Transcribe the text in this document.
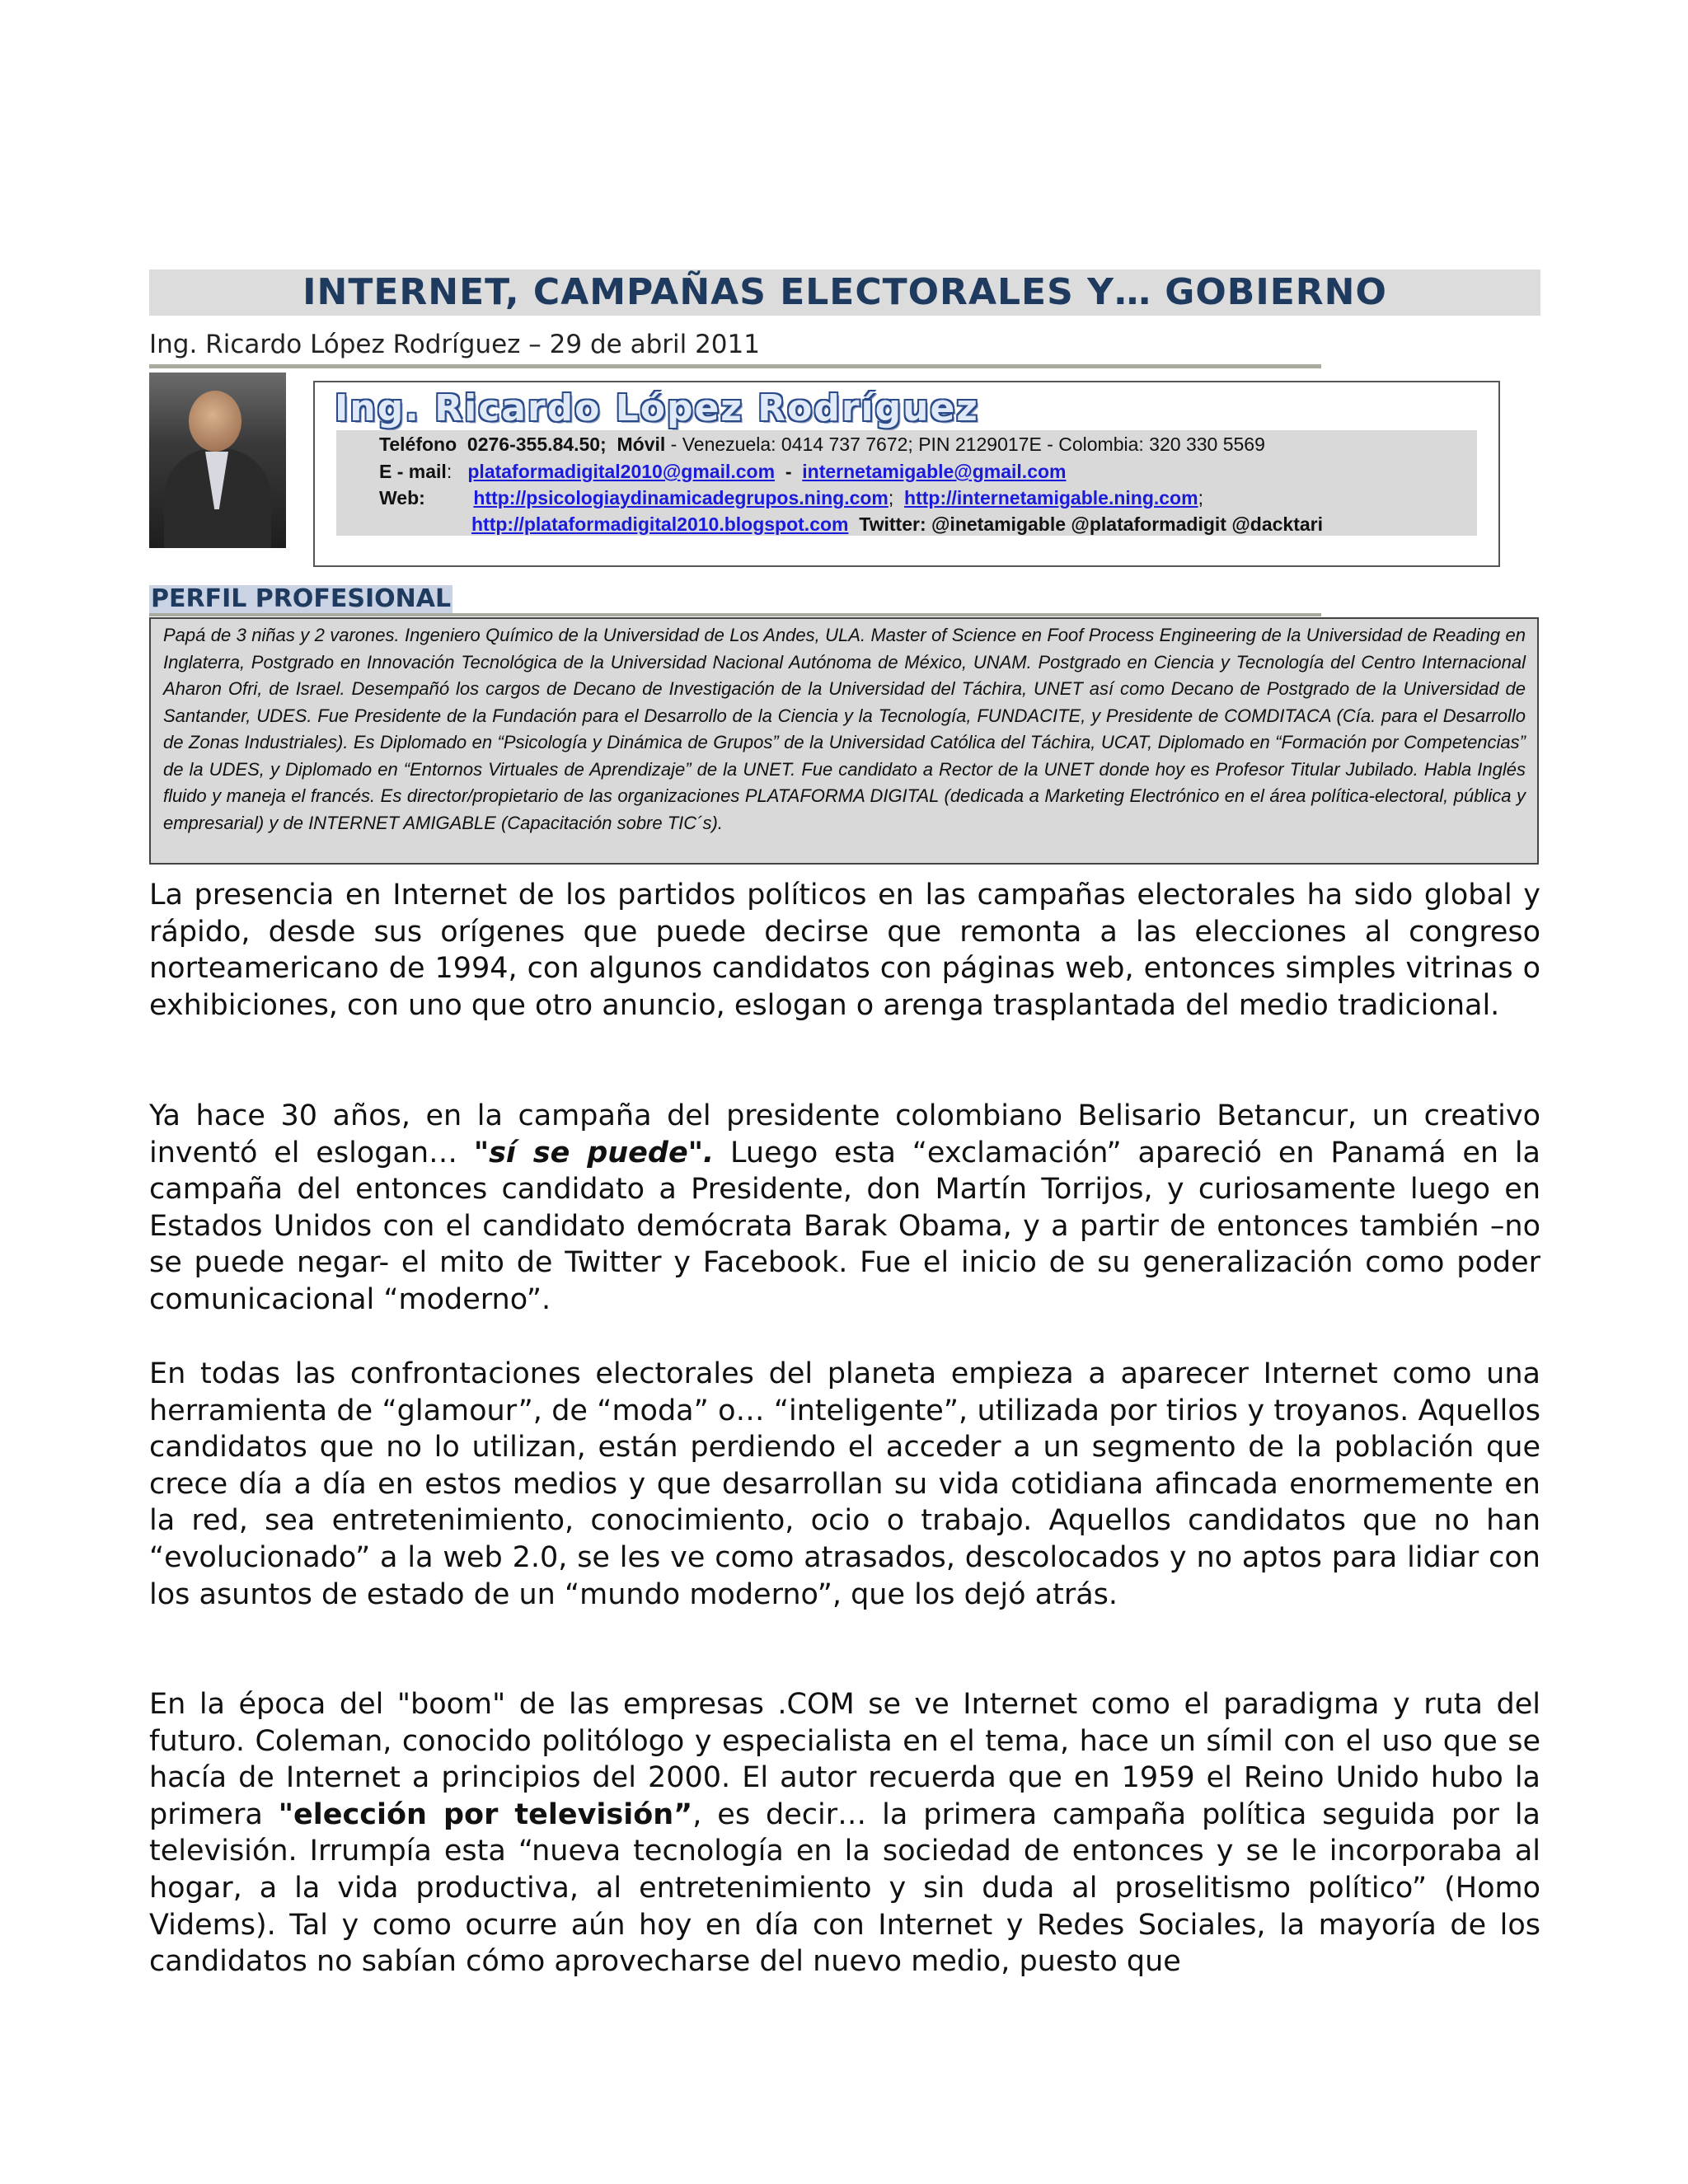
INTERNET, CAMPAÑAS ELECTORALES Y… GOBIERNO
Ing. Ricardo López Rodríguez – 29 de abril 2011
Ing. Ricardo López Rodríguez
Teléfono 0276-355.84.50; Móvil - Venezuela: 0414 737 7672; PIN 2129017E - Colombia: 320 330 5569
E - mail:   plataformadigital2010@gmail.com - internetamigable@gmail.com
Web:	http://psicologiaydinamicadegrupos.ning.com;  http://internetamigable.ning.com;
http://plataformadigital2010.blogspot.com Twitter: @inetamigable @plataformadigit @dacktari
PERFIL PROFESIONAL
Papá de 3 niñas y 2 varones. Ingeniero Químico de la Universidad de Los Andes, ULA. Master of Science en Foof Process Engineering de la Universidad de Reading en Inglaterra, Postgrado en Innovación Tecnológica de la Universidad Nacional Autónoma de México, UNAM. Postgrado en Ciencia y Tecnología del Centro Internacional Aharon Ofri, de Israel. Desempañó los cargos de Decano de Investigación de la Universidad del Táchira, UNET así como Decano de Postgrado de la Universidad de Santander, UDES. Fue Presidente de la Fundación para el Desarrollo de la Ciencia y la Tecnología, FUNDACITE, y Presidente de COMDITACA (Cía. para el Desarrollo de Zonas Industriales). Es Diplomado en “Psicología y Dinámica de Grupos” de la Universidad Católica del Táchira, UCAT, Diplomado en “Formación por Competencias” de la UDES, y Diplomado en “Entornos Virtuales de Aprendizaje” de la UNET. Fue candidato a Rector de la UNET donde hoy es Profesor Titular Jubilado. Habla Inglés fluido y maneja el francés. Es director/propietario de las organizaciones PLATAFORMA DIGITAL (dedicada a Marketing Electrónico en el área política-electoral, pública y empresarial) y de INTERNET AMIGABLE (Capacitación sobre TIC´s).

La presencia en Internet de los partidos políticos en las campañas electorales ha sido global y rápido, desde sus orígenes que puede decirse que remonta a las elecciones al congreso norteamericano de 1994, con algunos candidatos con páginas web, entonces simples vitrinas o exhibiciones, con uno que otro anuncio, eslogan o arenga trasplantada del medio tradicional.

Ya hace 30 años, en la campaña del presidente colombiano Belisario Betancur, un creativo inventó el eslogan… "sí se puede". Luego esta “exclamación” apareció en Panamá en la campaña del entonces candidato a Presidente, don Martín Torrijos, y curiosamente luego en Estados Unidos con el candidato demócrata Barak Obama, y a partir de entonces también –no se puede negar- el mito de Twitter y Facebook. Fue el inicio de su generalización como poder comunicacional “moderno”.

En todas las confrontaciones electorales del planeta empieza a aparecer Internet como una herramienta de “glamour”, de “moda” o… “inteligente”, utilizada por tirios y troyanos. Aquellos candidatos que no lo utilizan, están perdiendo el acceder a un segmento de la población que crece día a día en estos medios y que desarrollan su vida cotidiana afincada enormemente en la red, sea entretenimiento, conocimiento, ocio o trabajo. Aquellos candidatos que no han “evolucionado” a la web 2.0, se les ve como atrasados, descolocados y no aptos para lidiar con los asuntos de estado de un “mundo moderno”, que los dejó atrás.

En la época del "boom" de las empresas .COM se ve Internet como el paradigma y ruta del futuro. Coleman, conocido politólogo y especialista en el tema, hace un símil con el uso que se hacía de Internet a principios del 2000. El autor recuerda que en 1959 el Reino Unido hubo la primera "elección por televisión”, es decir… la primera campaña política seguida por la televisión. Irrumpía esta “nueva tecnología en la sociedad de entonces y se le incorporaba al hogar, a la vida productiva, al entretenimiento y sin duda al proselitismo político” (Homo Videms). Tal y como ocurre aún hoy en día con Internet y Redes Sociales, la mayoría de los candidatos no sabían cómo aprovecharse del nuevo medio, puesto que
